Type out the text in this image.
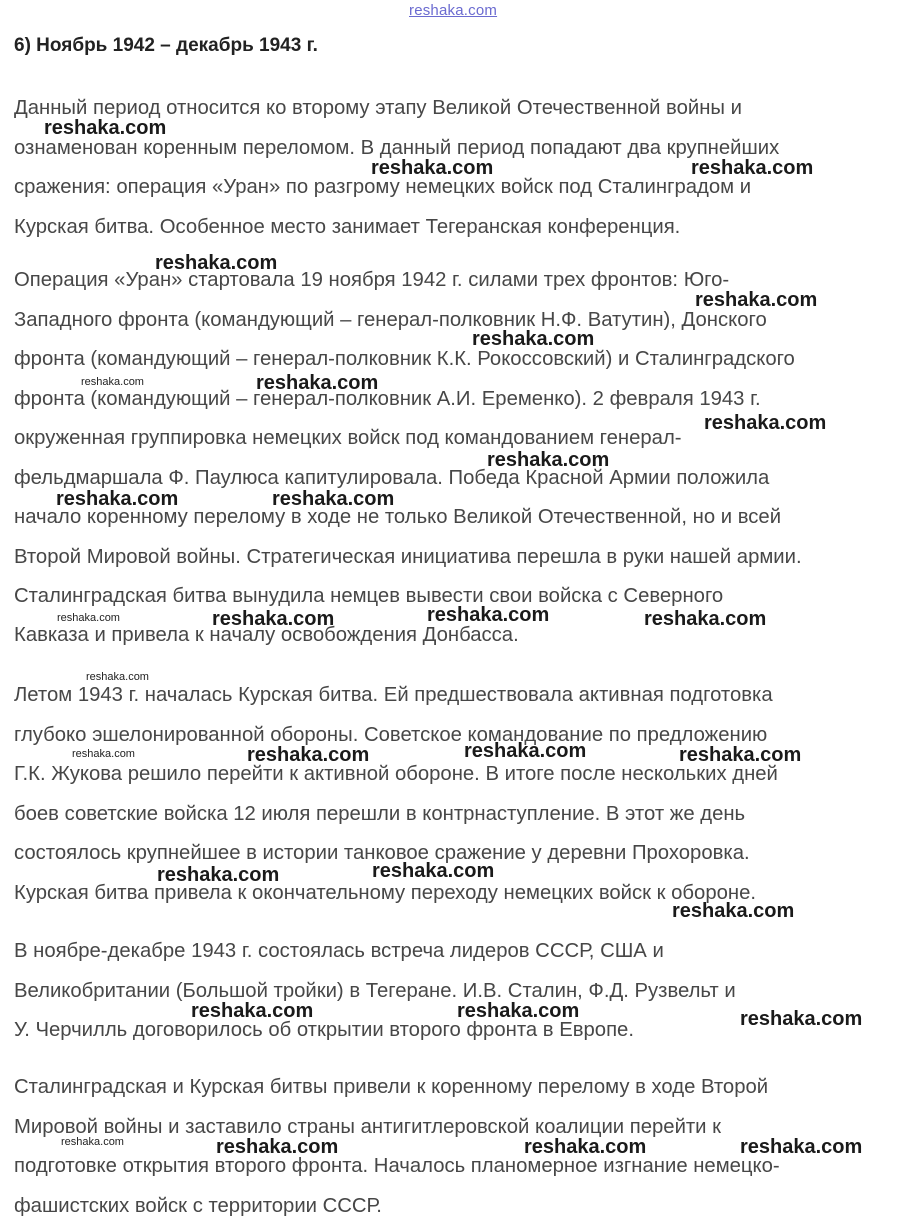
reshaka.com
6) Ноябрь 1942 – декабрь 1943 г.

Данный период относится ко второму этапу Великой Отечественной войны и
ознаменован коренным переломом. В данный период попадают два крупнейших
сражения: операция «Уран» по разгрому немецких войск под Сталинградом и
Курская битва. Особенное место занимает Тегеранская конференция.

Операция «Уран» стартовала 19 ноября 1942 г. силами трех фронтов: Юго-
Западного фронта (командующий – генерал-полковник Н.Ф. Ватутин), Донского
фронта (командующий – генерал-полковник К.К. Рокоссовский) и Сталинградского
фронта (командующий – генерал-полковник А.И. Еременко). 2 февраля 1943 г.
окруженная группировка немецких войск под командованием генерал-
фельдмаршала Ф. Паулюса капитулировала. Победа Красной Армии положила
начало коренному перелому в ходе не только Великой Отечественной, но и всей
Второй Мировой войны. Стратегическая инициатива перешла в руки нашей армии.
Сталинградская битва вынудила немцев вывести свои войска с Северного
Кавказа и привела к началу освобождения Донбасса.

Летом 1943 г. началась Курская битва. Ей предшествовала активная подготовка
глубоко эшелонированной обороны. Советское командование по предложению
Г.К. Жукова решило перейти к активной обороне. В итоге после нескольких дней
боев советские войска 12 июля перешли в контрнаступление. В этот же день
состоялось крупнейшее в истории танковое сражение у деревни Прохоровка.
Курская битва привела к окончательному переходу немецких войск к обороне.

В ноябре-декабре 1943 г. состоялась встреча лидеров СССР, США и
Великобритании (Большой тройки) в Тегеране. И.В. Сталин, Ф.Д. Рузвельт и
У. Черчилль договорилось об открытии второго фронта в Европе.

Сталинградская и Курская битвы привели к коренному перелому в ходе Второй
Мировой войны и заставило страны антигитлеровской коалиции перейти к
подготовке открытия второго фронта. Началось планомерное изгнание немецко-
фашистских войск с территории СССР.

reshaka.com
reshaka.com	reshaka.com
reshaka.com
reshaka.com
reshaka.com
reshaka.com	reshaka.com
reshaka.com
reshaka.com
reshaka.com	reshaka.com
reshaka.com	reshaka.com	reshaka.com	reshaka.com
reshaka.com
reshaka.com	reshaka.com	reshaka.com	reshaka.com
reshaka.com	reshaka.com
reshaka.com
reshaka.com	reshaka.com	reshaka.com
reshaka.com	reshaka.com	reshaka.com	reshaka.com
